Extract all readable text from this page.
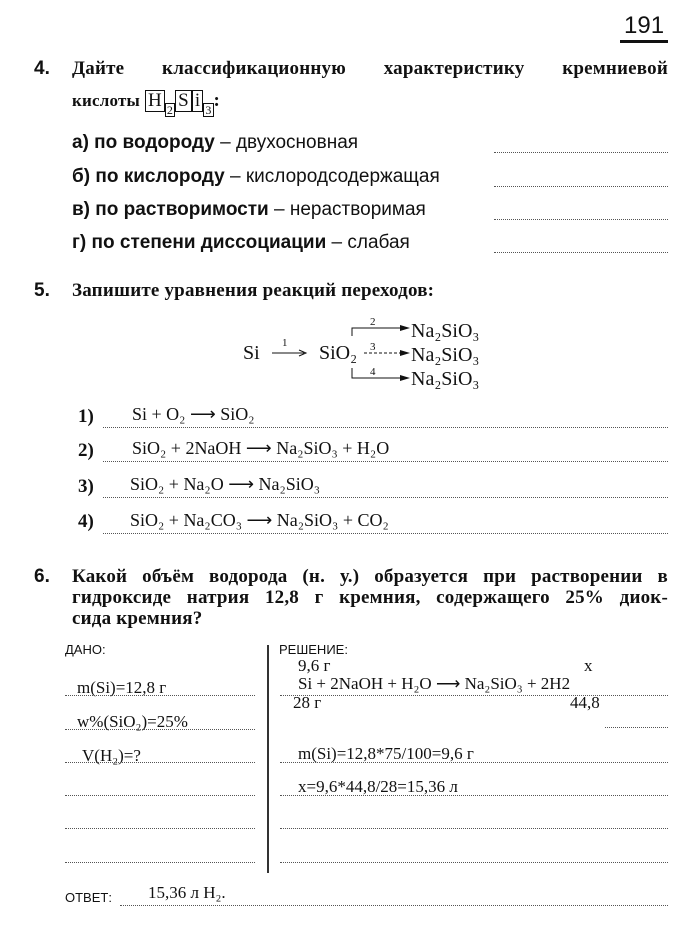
191
4. Дайте классификационную характеристику кремниевой
кислоты H 2 S i 3 :
а) по водороду – двухосновная
б) по кислороду – кислородсодержащая
в) по растворимости – нерастворимая
г) по степени диссоциации – слабая
5. Запишите уравнения реакций переходов:
Si 1 SiO₂
2
3
4
Na₂SiO₃
Na₂SiO₃
Na₂SiO₃
1) Si + O₂ ⟶ SiO₂
2) SiO₂ + 2NaOH ⟶ Na₂SiO₃ + H₂O
3) SiO₂ + Na₂O ⟶ Na₂SiO₃
4) SiO₂ + Na₂CO₃ ⟶ Na₂SiO₃ + CO₂
6. Какой объём водорода (н. у.) образуется при растворении в
гидроксиде натрия 12,8 г кремния, содержащего 25% диок-
сида кремния?
ДАНО:	РЕШЕНИЕ:
m(Si)=12,8 г
w%(SiO₂)=25%
V(H₂)=?
9,6 г	x
Si + 2NaOH + H₂O ⟶ Na₂SiO₃ + 2H2
28 г	44,8
m(Si)=12,8*75/100=9,6 г
x=9,6*44,8/28=15,36 л
ОТВЕТ: 15,36 л H₂.
